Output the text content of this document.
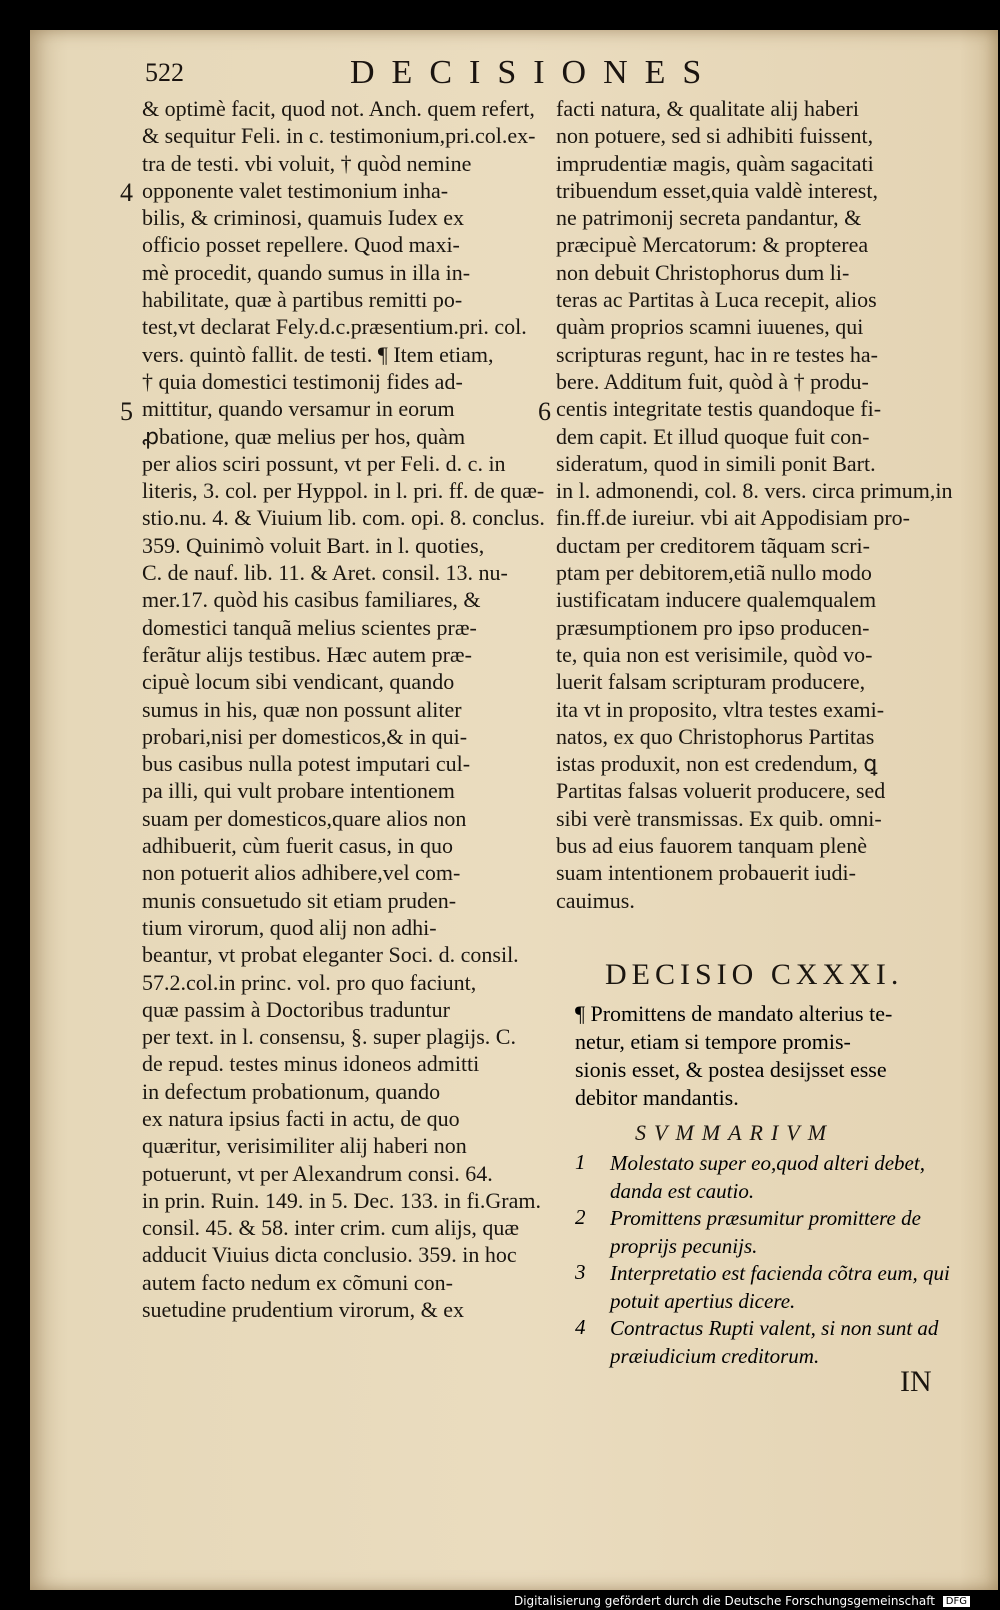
522	DECISIONES
& optimè facit, quod not. Anch. quem refert,
& sequitur Feli. in c. testimonium,pri.col.ex-
tra de testi. vbi voluit, † quòd nemine
opponente valet testimonium inha-
bilis, & criminosi, quamuis Iudex ex
officio posset repellere. Quod maxi-
mè procedit, quando sumus in illa in-
habilitate, quæ à partibus remitti po-
test,vt declarat Fely.d.c.præsentium.pri. col.
vers. quintò fallit. de testi. ¶ Item etiam,
† quia domestici testimonij fides ad-
mittitur, quando versamur in eorum
ꝓbatione, quæ melius per hos, quàm
per alios sciri possunt, vt per Feli. d. c. in
literis, 3. col. per Hyppol. in l. pri. ff. de quæ-
stio.nu. 4. & Viuium lib. com. opi. 8. conclus.
359. Quinimò voluit Bart. in l. quoties,
C. de nauf. lib. 11. & Aret. consil. 13. nu-
mer.17. quòd his casibus familiares, &
domestici tanquã melius scientes præ-
ferãtur alijs testibus. Hæc autem præ-
cipuè locum sibi vendicant, quando
sumus in his, quæ non possunt aliter
probari,nisi per domesticos,& in qui-
bus casibus nulla potest imputari cul-
pa illi, qui vult probare intentionem
suam per domesticos,quare alios non
adhibuerit, cùm fuerit casus, in quo
non potuerit alios adhibere,vel com-
munis consuetudo sit etiam pruden-
tium virorum, quod alij non adhi-
beantur, vt probat eleganter Soci. d. consil.
57.2.col.in princ. vol. pro quo faciunt,
quæ passim à Doctoribus traduntur
per text. in l. consensu, §. super plagijs. C.
de repud. testes minus idoneos admitti
in defectum probationum, quando
ex natura ipsius facti in actu, de quo
quæritur, verisimiliter alij haberi non
potuerunt, vt per Alexandrum consi. 64.
in prin. Ruin. 149. in 5. Dec. 133. in fi.Gram.
consil. 45. & 58. inter crim. cum alijs, quæ
adducit Viuius dicta conclusio. 359. in hoc
autem facto nedum ex cõmuni con-
suetudine prudentium virorum, & ex
facti natura, & qualitate alij haberi
non potuere, sed si adhibiti fuissent,
imprudentiæ magis, quàm sagacitati
tribuendum esset,quia valdè interest,
ne patrimonij secreta pandantur, &
præcipuè Mercatorum: & propterea
non debuit Christophorus dum li-
teras ac Partitas à Luca recepit, alios
quàm proprios scamni iuuenes, qui
scripturas regunt, hac in re testes ha-
bere. Additum fuit, quòd à † produ-
centis integritate testis quandoque fi-
dem capit. Et illud quoque fuit con-
sideratum, quod in simili ponit Bart.
in l. admonendi, col. 8. vers. circa primum,in
fin.ff.de iureiur. vbi ait Appodisiam pro-
ductam per creditorem tãquam scri-
ptam per debitorem,etiã nullo modo
iustificatam inducere qualemqualem
præsumptionem pro ipso producen-
te, quia non est verisimile, quòd vo-
luerit falsam scripturam producere,
ita vt in proposito, vltra testes exami-
natos, ex quo Christophorus Partitas
istas produxit, non est credendum, ꝗ
Partitas falsas voluerit producere, sed
sibi verè transmissas. Ex quib. omni-
bus ad eius fauorem tanquam plenè
suam intentionem probauerit iudi-
cauimus.
4
5	6
DECISIO CXXXI.
¶ Promittens de mandato alterius te-
netur, etiam si tempore promis-
sionis esset, & postea desijsset esse
debitor mandantis.
SVMMARIVM
1 Molestato super eo,quod alteri debet, danda est cautio.
2 Promittens præsumitur promittere de proprijs pecunijs.
3 Interpretatio est facienda cõtra eum, qui potuit apertius dicere.
4 Contractus Rupti valent, si non sunt ad præiudicium creditorum.
IN
Digitalisierung gefördert durch die Deutsche Forschungsgemeinschaft DFG
